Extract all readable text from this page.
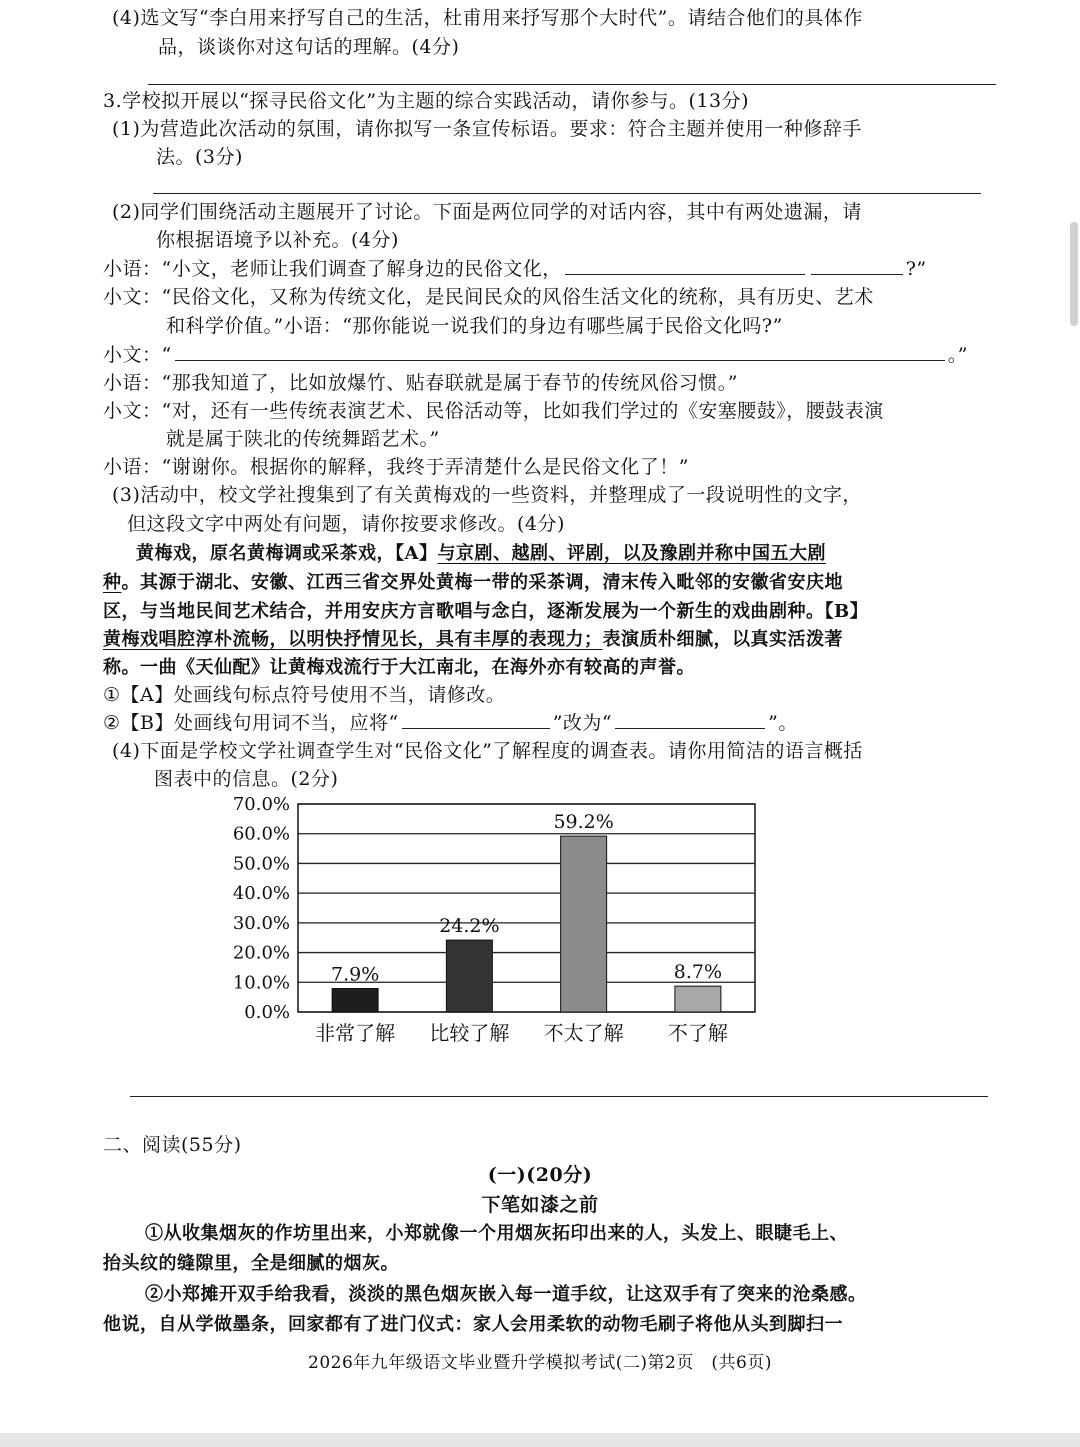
(4)选文写“李白用来抒写自己的生活，杜甫用来抒写那个大时代”。请结合他们的具体作
品，谈谈你对这句话的理解。(4分)
3.学校拟开展以“探寻民俗文化”为主题的综合实践活动，请你参与。(13分)
(1)为营造此次活动的氛围，请你拟写一条宣传标语。要求：符合主题并使用一种修辞手
法。(3分)
(2)同学们围绕活动主题展开了讨论。下面是两位同学的对话内容，其中有两处遗漏，请
你根据语境予以补充。(4分)
小语：“小文，老师让我们调查了解身边的民俗文化，	?”
小文：“民俗文化，又称为传统文化，是民间民众的风俗生活文化的统称，具有历史、艺术
和科学价值。”小语：“那你能说一说我们的身边有哪些属于民俗文化吗?”
小文：“	。”
小语：“那我知道了，比如放爆竹、贴春联就是属于春节的传统风俗习惯。”
小文：“对，还有一些传统表演艺术、民俗活动等，比如我们学过的《安塞腰鼓》，腰鼓表演
就是属于陕北的传统舞蹈艺术。”
小语：“谢谢你。根据你的解释，我终于弄清楚什么是民俗文化了！”
(3)活动中，校文学社搜集到了有关黄梅戏的一些资料，并整理成了一段说明性的文字，
但这段文字中两处有问题，请你按要求修改。(4分)
黄梅戏，原名黄梅调或采茶戏，【A】与京剧、越剧、评剧，以及豫剧并称中国五大剧
种。其源于湖北、安徽、江西三省交界处黄梅一带的采茶调，清末传入毗邻的安徽省安庆地
区，与当地民间艺术结合，并用安庆方言歌唱与念白，逐渐发展为一个新生的戏曲剧种。【B】
黄梅戏唱腔淳朴流畅，以明快抒情见长，具有丰厚的表现力；表演质朴细腻，以真实活泼著
称。一曲《天仙配》让黄梅戏流行于大江南北，在海外亦有较高的声誉。
①【A】处画线句标点符号使用不当，请修改。
②【B】处画线句用词不当，应将“	”改为“	”。
(4)下面是学校文学社调查学生对“民俗文化”了解程度的调查表。请你用简洁的语言概括
图表中的信息。(2分)
0.0%
10.0%
20.0%
30.0%
40.0%
50.0%
60.0%
70.0%
7.9%
非常了解
24.2%
比较了解
59.2%
不太了解
8.7%
不了解
二、阅读(55分)
(一)(20分)
下笔如漆之前
①从收集烟灰的作坊里出来，小郑就像一个用烟灰拓印出来的人，头发上、眼睫毛上、
抬头纹的缝隙里，全是细腻的烟灰。
②小郑摊开双手给我看，淡淡的黑色烟灰嵌入每一道手纹，让这双手有了突来的沧桑感。
他说，自从学做墨条，回家都有了进门仪式：家人会用柔软的动物毛刷子将他从头到脚扫一
2026年九年级语文毕业暨升学模拟考试(二)第2页　(共6页)
